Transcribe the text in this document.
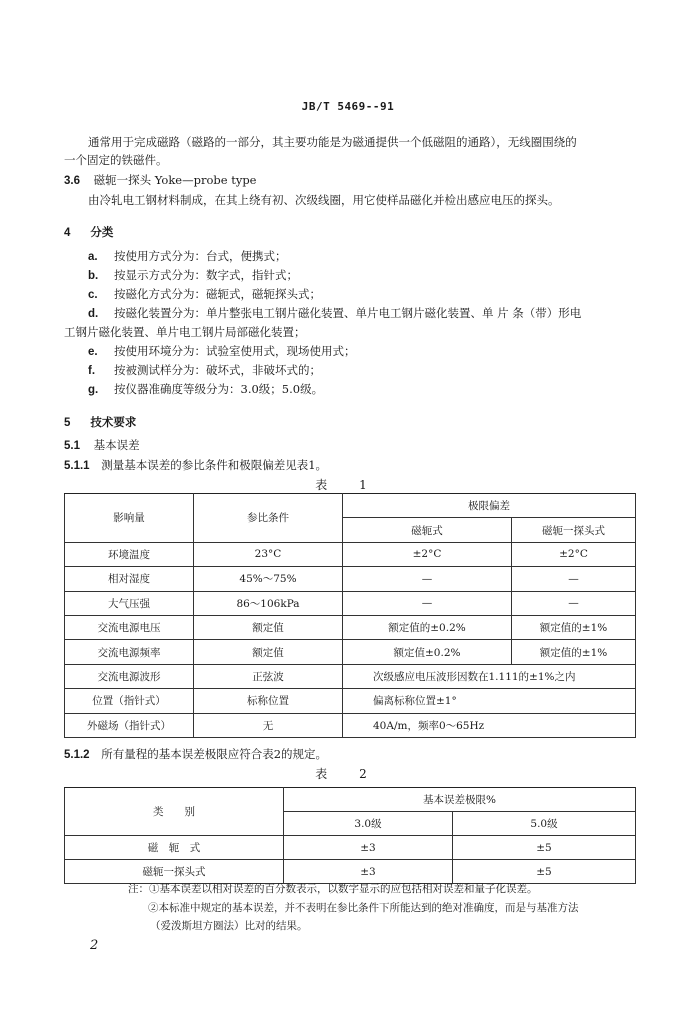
JB/T 5469--91
通常用于完成磁路（磁路的一部分，其主要功能是为磁通提供一个低磁阻的通路），无线圈围绕的
一个固定的铁磁件。
3.6 磁轭一探头 Yoke—probe type
由冷轧电工钢材料制成，在其上绕有初、次级线圈，用它使样品磁化并检出感应电压的探头。
4 分类
a. 按使用方式分为：台式，便携式；
b. 按显示方式分为：数字式，指针式；
c. 按磁化方式分为：磁轭式，磁轭探头式；
d. 按磁化装置分为：单片整张电工钢片磁化装置、单片电工钢片磁化装置、单 片 条（带）形电
工钢片磁化装置、单片电工钢片局部磁化装置；
e. 按使用环境分为：试验室使用式，现场使用式；
f. 按被测试样分为：破坏式，非破坏式的；
g. 按仪器准确度等级分为：3.0级；5.0级。
5 技术要求
5.1 基本误差
5.1.1 测量基本误差的参比条件和极限偏差见表1。
表 1
影响量	参比条件	极限偏差	
		磁轭式	磁轭一探头式
环境温度	23°C	±2°C	±2°C
相对湿度	45%～75%	—	—
大气压强	86～106kPa	—	—
交流电源电压	额定值	额定值的±0.2%	额定值的±1%
交流电源频率	额定值	额定值±0.2%	额定值的±1%
交流电源波形	正弦波	次级感应电压波形因数在1.111的±1%之内	
位置（指针式）	标称位置	偏离标称位置±1°	
外磁场（指针式）	无	40A/m，频率0～65Hz	
5.1.2 所有量程的基本误差极限应符合表2的规定。
表 2
类　　别	基本误差极限%	
	3.0级	5.0级
磁　轭　式	±3	±5
磁轭一探头式	±3	±5
注：①基本误差以相对误差的百分数表示，以数字显示的应包括相对误差和量子化误差。
②本标准中规定的基本误差，并不表明在参比条件下所能达到的绝对准确度，而是与基准方法
（爱泼斯坦方圈法）比对的结果。
2
